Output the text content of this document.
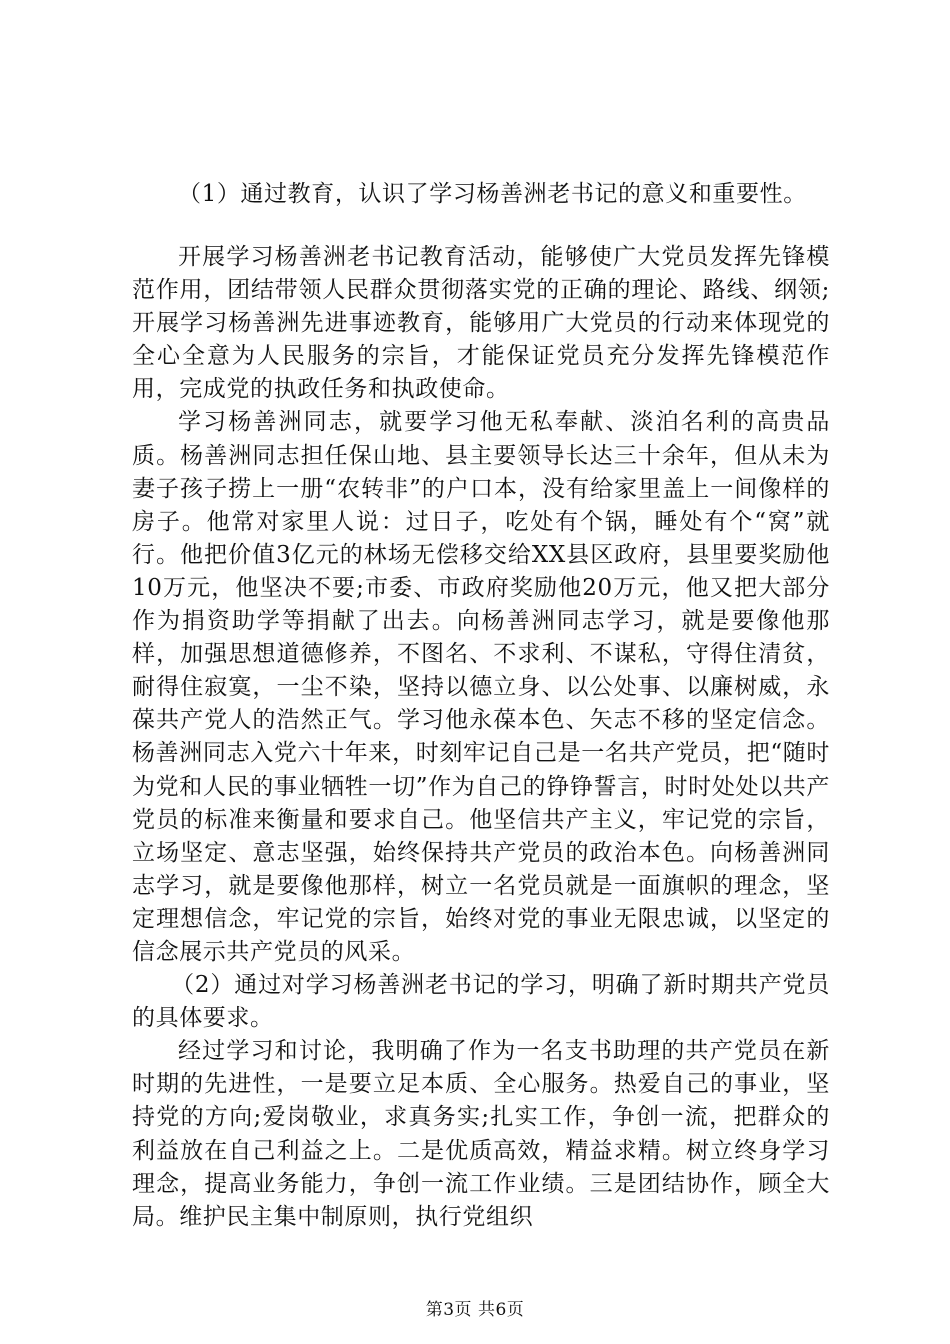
（1）通过教育，认识了学习杨善洲老书记的意义和重要性。

开展学习杨善洲老书记教育活动，能够使广大党员发挥先锋模范作用，团结带领人民群众贯彻落实党的正确的理论、路线、纲领;开展学习杨善洲先进事迹教育，能够用广大党员的行动来体现党的全心全意为人民服务的宗旨，才能保证党员充分发挥先锋模范作用，完成党的执政任务和执政使命。

学习杨善洲同志，就要学习他无私奉献、淡泊名利的高贵品质。杨善洲同志担任保山地、县主要领导长达三十余年，但从未为妻子孩子捞上一册“农转非”的户口本，没有给家里盖上一间像样的房子。他常对家里人说：过日子，吃处有个锅，睡处有个“窝”就行。他把价值3亿元的林场无偿移交给XX县区政府，县里要奖励他10万元，他坚决不要;市委、市政府奖励他20万元，他又把大部分作为捐资助学等捐献了出去。向杨善洲同志学习，就是要像他那样，加强思想道德修养，不图名、不求利、不谋私，守得住清贫，耐得住寂寞，一尘不染，坚持以德立身、以公处事、以廉树威，永葆共产党人的浩然正气。学习他永葆本色、矢志不移的坚定信念。杨善洲同志入党六十年来，时刻牢记自己是一名共产党员，把“随时为党和人民的事业牺牲一切”作为自己的铮铮誓言，时时处处以共产党员的标准来衡量和要求自己。他坚信共产主义，牢记党的宗旨，立场坚定、意志坚强，始终保持共产党员的政治本色。向杨善洲同志学习，就是要像他那样，树立一名党员就是一面旗帜的理念，坚定理想信念，牢记党的宗旨，始终对党的事业无限忠诚，以坚定的信念展示共产党员的风采。

（2）通过对学习杨善洲老书记的学习，明确了新时期共产党员的具体要求。

经过学习和讨论，我明确了作为一名支书助理的共产党员在新时期的先进性，一是要立足本质、全心服务。热爱自己的事业，坚持党的方向;爱岗敬业，求真务实;扎实工作，争创一流，把群众的利益放在自己利益之上。二是优质高效，精益求精。树立终身学习理念，提高业务能力，争创一流工作业绩。三是团结协作，顾全大局。维护民主集中制原则，执行党组织

第3页 共6页
